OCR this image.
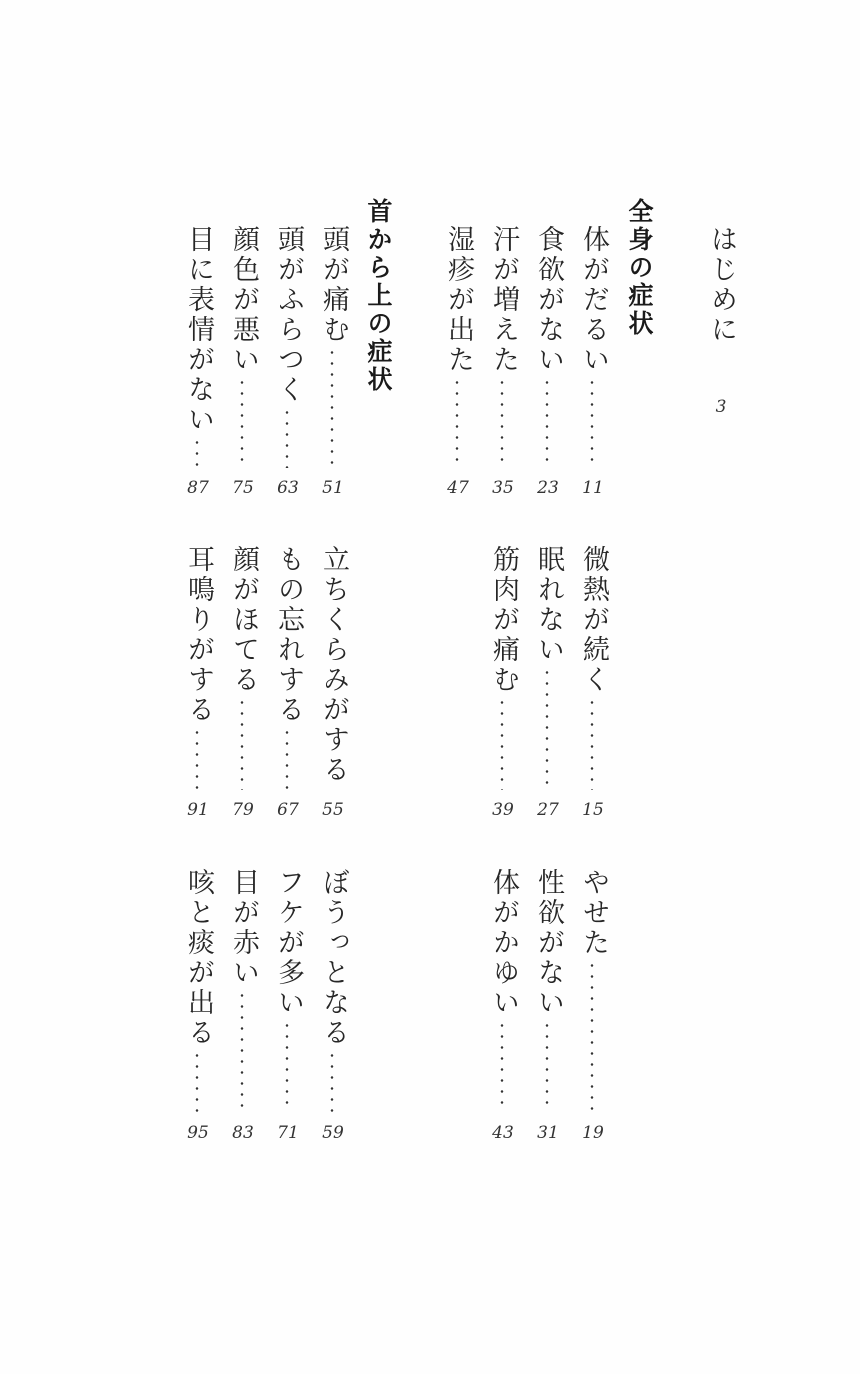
はじめに
3
全身の症状
首から上の症状	体がだるい
11
微熱が続く
15
やせた
19
食欲がない
23
眠れない
27
性欲がない
31
汗が増えた
35
筋肉が痛む
39
体がかゆい
43
湿疹が出た
47
頭が痛む
51
立ちくらみがする
55
ぼうっとなる
59
頭がふらつく
63
もの忘れする
67
フケが多い
71
顔色が悪い
75
顔がほてる
79
目が赤い
83
目に表情がない
87
耳鳴りがする
91
咳と痰が出る
95
